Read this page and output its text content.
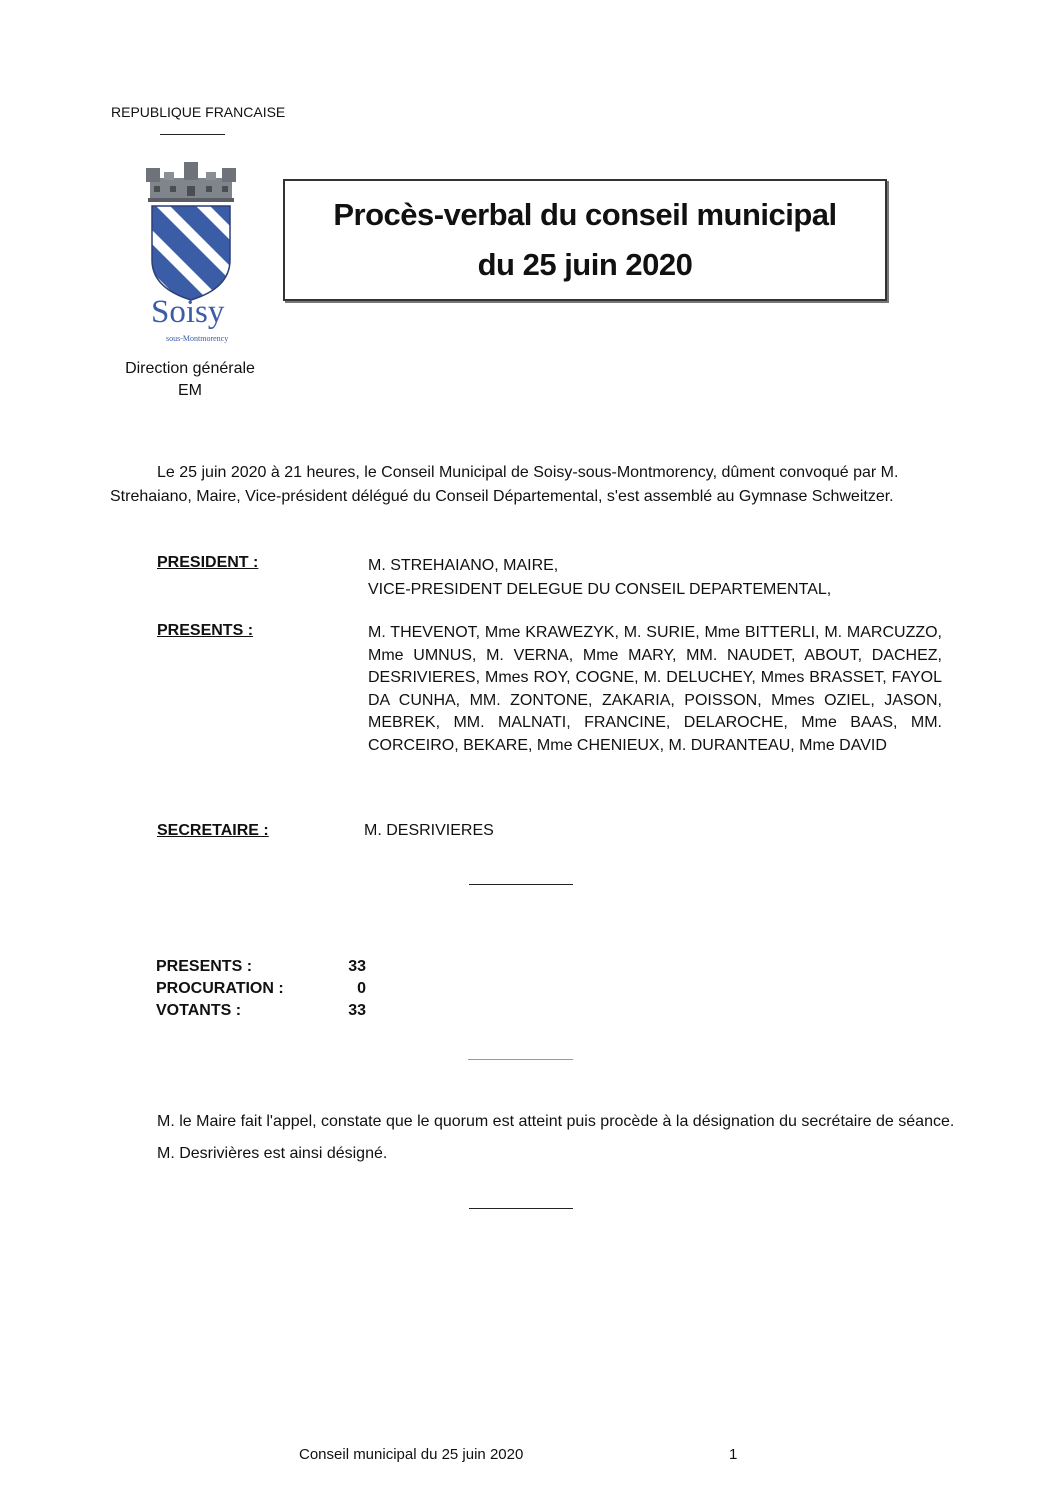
REPUBLIQUE FRANCAISE
Soisy
sous-Montmorency
Direction générale
EM
Procès-verbal du conseil municipal
du 25 juin 2020
Le 25 juin 2020 à 21 heures, le Conseil Municipal de Soisy-sous-Montmorency, dûment convoqué par M. Strehaiano, Maire, Vice-président délégué du Conseil Départemental, s'est assemblé au Gymnase Schweitzer.
PRESIDENT :	M. STREHAIANO, MAIRE,
VICE-PRESIDENT DELEGUE DU CONSEIL DEPARTEMENTAL,
PRESENTS :	M. THEVENOT, Mme KRAWEZYK, M. SURIE, Mme BITTERLI, M. MARCUZZO, Mme UMNUS, M. VERNA, Mme MARY, MM. NAUDET, ABOUT, DACHEZ, DESRIVIERES, Mmes ROY, COGNE, M. DELUCHEY, Mmes BRASSET, FAYOL DA CUNHA, MM. ZONTONE, ZAKARIA, POISSON, Mmes OZIEL, JASON, MEBREK, MM. MALNATI, FRANCINE, DELAROCHE, Mme BAAS, MM. CORCEIRO, BEKARE, Mme CHENIEUX, M. DURANTEAU, Mme DAVID
SECRETAIRE :	M. DESRIVIERES
PRESENTS :	33
PROCURATION :	0
VOTANTS :	33
M. le Maire fait l'appel, constate que le quorum est atteint puis procède à la désignation du secrétaire de séance.
M. Desrivières est ainsi désigné.
Conseil municipal du 25 juin 2020	1
